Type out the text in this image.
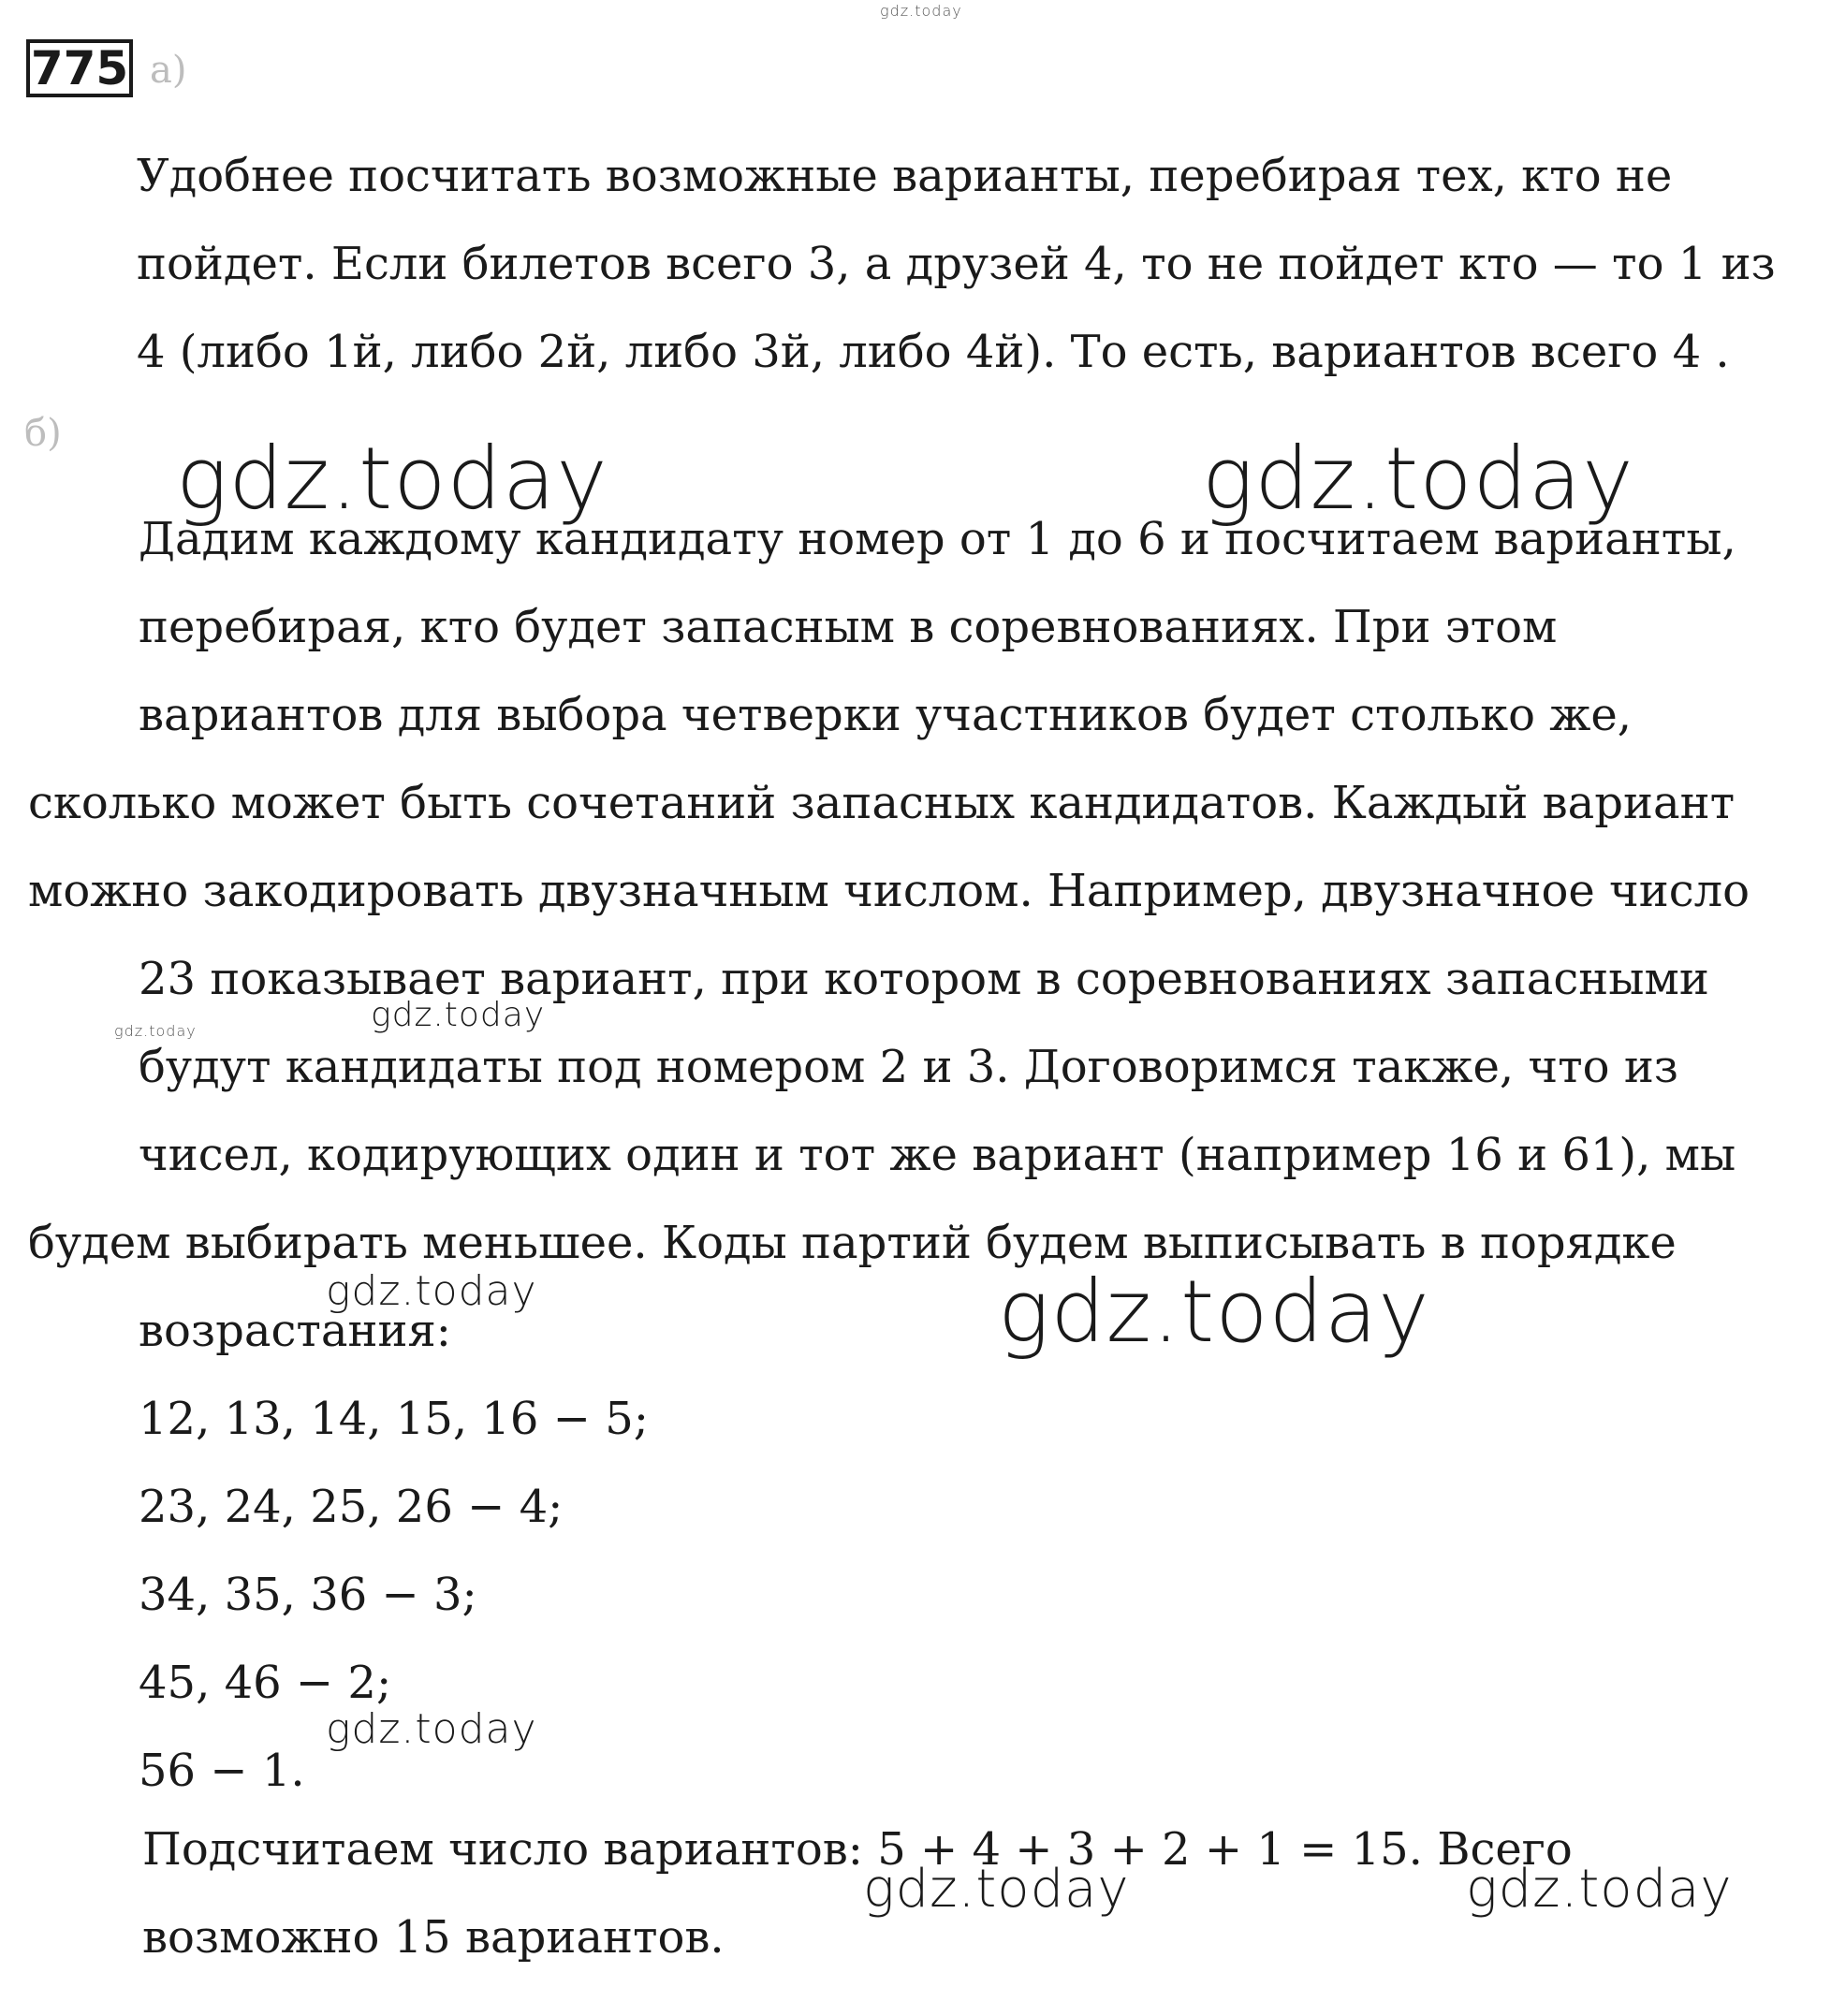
gdz.today
775 а)
Удобнее посчитать возможные варианты, перебирая тех, кто не
пойдет. Если билетов всего 3, а друзей 4, то не пойдет кто — то 1 из
4 (либо 1й, либо 2й, либо 3й, либо 4й). То есть, вариантов всего 4 .
б) gdz.today	gdz.today
Дадим каждому кандидату номер от 1 до 6 и посчитаем варианты,
перебирая, кто будет запасным в соревнованиях. При этом
вариантов для выбора четверки участников будет столько же,
сколько может быть сочетаний запасных кандидатов. Каждый вариант
можно закодировать двузначным числом. Например, двузначное число
23 показывает вариант, при котором в соревнованиях запасными
gdz.today	gdz.today
будут кандидаты под номером 2 и 3. Договоримся также, что из
чисел, кодирующих один и тот же вариант (например 16 и 61), мы
будем выбирать меньшее. Коды партий будем выписывать в порядке
gdz.today	gdz.today
возрастания:
12, 13, 14, 15, 16 − 5;
23, 24, 25, 26 − 4;
34, 35, 36 − 3;
45, 46 − 2;
gdz.today
56 − 1.
Подсчитаем число вариантов: 5 + 4 + 3 + 2 + 1 = 15. Всего
gdz.today	gdz.today
возможно 15 вариантов.
